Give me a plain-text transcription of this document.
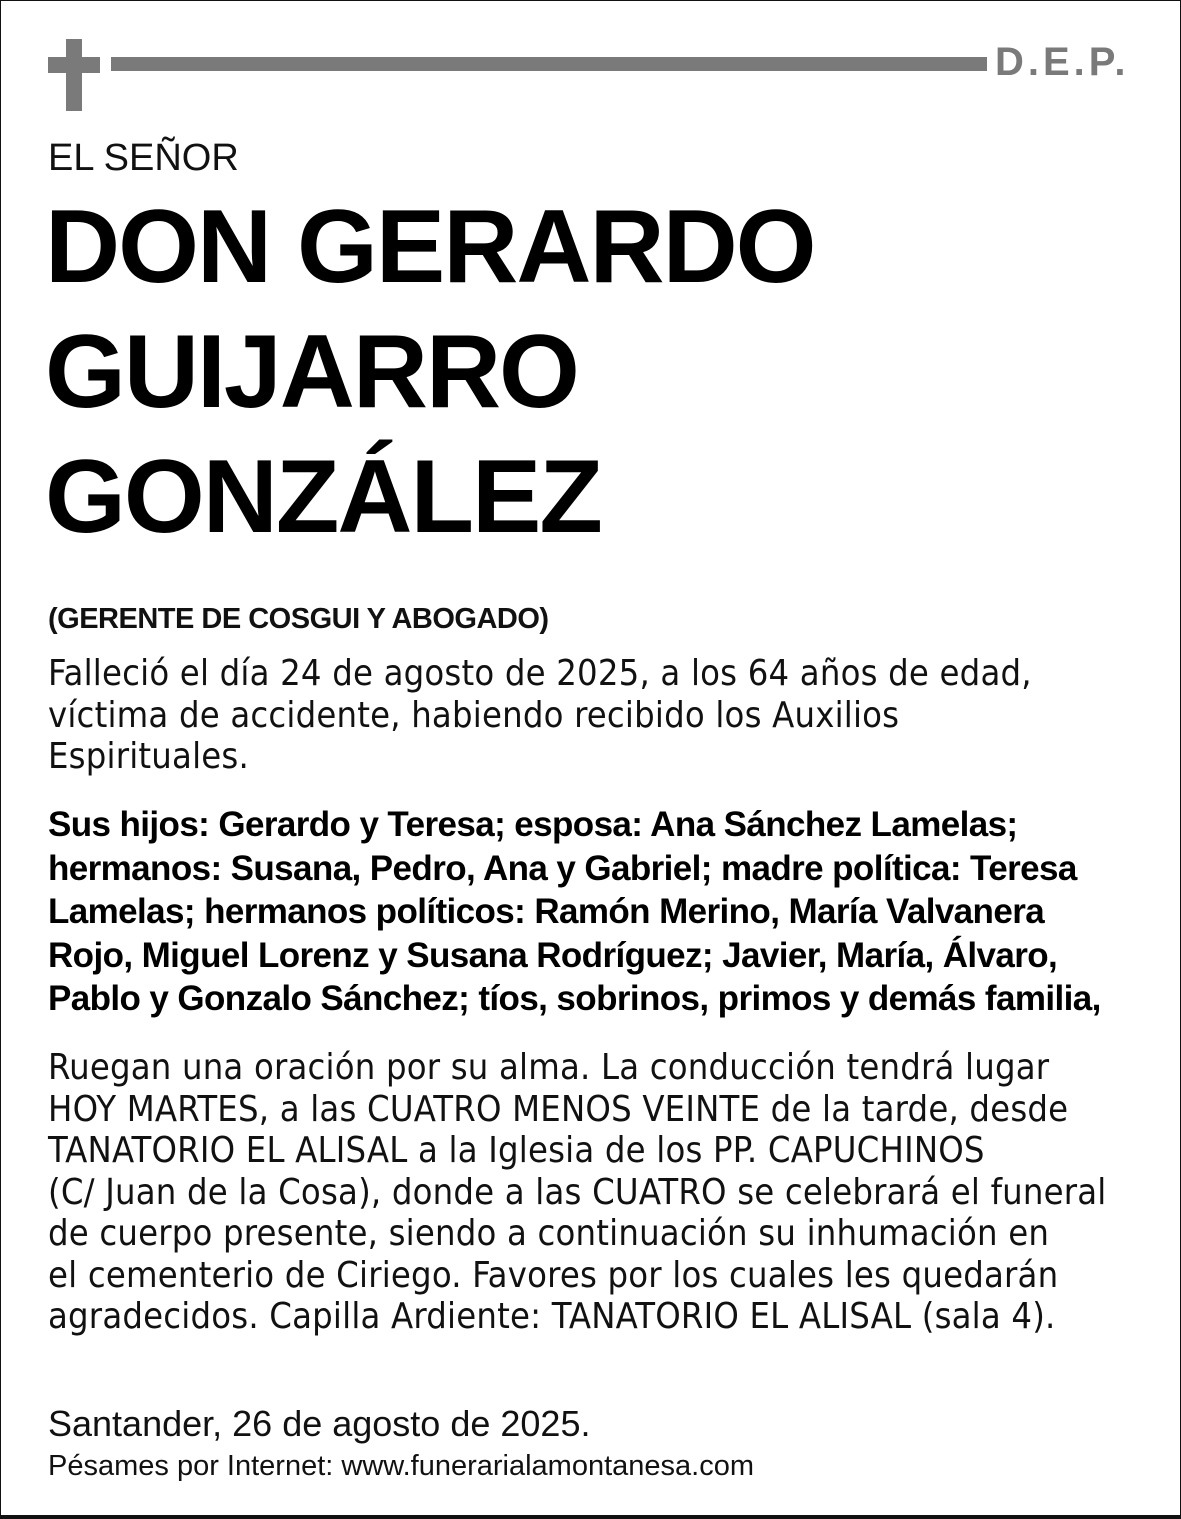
D.E.P.
EL SEÑOR
DON GERARDO
GUIJARRO
GONZÁLEZ
(GERENTE DE COSGUI Y ABOGADO)
Falleció el día 24 de agosto de 2025, a los 64 años de edad,
víctima de accidente, habiendo recibido los Auxilios
Espirituales.
Sus hijos: Gerardo y Teresa; esposa: Ana Sánchez Lamelas;
hermanos: Susana, Pedro, Ana y Gabriel; madre política: Teresa
Lamelas; hermanos políticos: Ramón Merino, María Valvanera
Rojo, Miguel Lorenz y Susana Rodríguez; Javier, María, Álvaro,
Pablo y Gonzalo Sánchez; tíos, sobrinos, primos y demás familia,
Ruegan una oración por su alma. La conducción tendrá lugar
HOY MARTES, a las CUATRO MENOS VEINTE de la tarde, desde
TANATORIO EL ALISAL a la Iglesia de los PP. CAPUCHINOS
(C/ Juan de la Cosa), donde a las CUATRO se celebrará el funeral
de cuerpo presente, siendo a continuación su inhumación en
el cementerio de Ciriego. Favores por los cuales les quedarán
agradecidos. Capilla Ardiente: TANATORIO EL ALISAL (sala 4).
Santander, 26 de agosto de 2025.
Pésames por Internet: www.funerarialamontanesa.com
